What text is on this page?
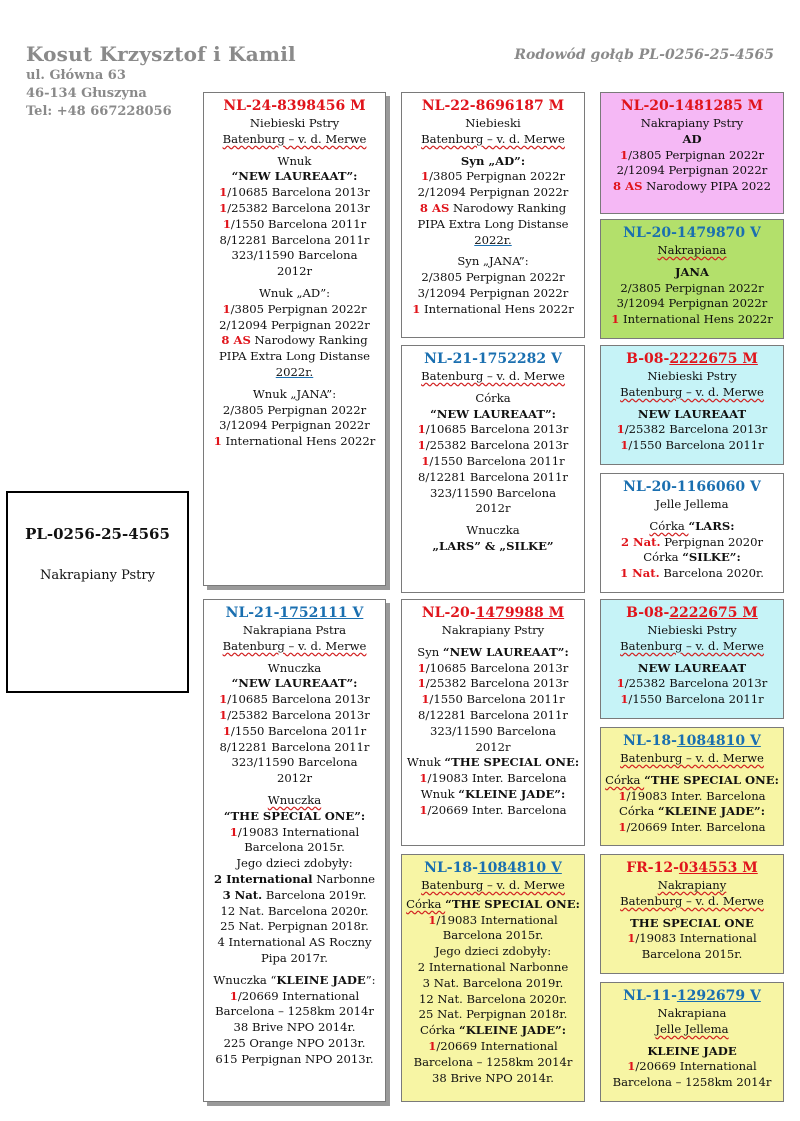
Kosut Krzysztof i Kamil
ul. Główna 63
46-134 Głuszyna
Tel: +48 667228056
Rodowód gołąb PL-0256-25-4565
PL-0256-25-4565
Nakrapiany Pstry
NL-24-8398456 M
Niebieski Pstry
Batenburg – v. d. Merwe
Wnuk
“NEW LAUREAAT”:
1/10685 Barcelona 2013r
1/25382 Barcelona 2013r
1/1550 Barcelona 2011r
8/12281 Barcelona 2011r
323/11590 Barcelona
2012r
Wnuk „AD”:
1/3805 Perpignan 2022r
2/12094 Perpignan 2022r
8 AS Narodowy Ranking
PIPA Extra Long Distanse
2022r.
Wnuk „JANA”:
2/3805 Perpignan 2022r
3/12094 Perpignan 2022r
1 International Hens 2022r
NL-21-1752111 V
Nakrapiana Pstra
Batenburg – v. d. Merwe
Wnuczka
“NEW LAUREAAT”:
1/10685 Barcelona 2013r
1/25382 Barcelona 2013r
1/1550 Barcelona 2011r
8/12281 Barcelona 2011r
323/11590 Barcelona
2012r
Wnuczka
“THE SPECIAL ONE”:
1/19083 International
Barcelona 2015r.
Jego dzieci zdobyły:
2 International Narbonne
3 Nat. Barcelona 2019r.
12 Nat. Barcelona 2020r.
25 Nat. Perpignan 2018r.
4 International AS Roczny
Pipa 2017r.
Wnuczka “KLEINE JADE”:
1/20669 International
Barcelona – 1258km 2014r
38 Brive NPO 2014r.
225 Orange NPO 2013r.
615 Perpignan NPO 2013r.
NL-22-8696187 M
Niebieski
Batenburg – v. d. Merwe
Syn „AD”:
1/3805 Perpignan 2022r
2/12094 Perpignan 2022r
8 AS Narodowy Ranking
PIPA Extra Long Distanse
2022r.
Syn „JANA”:
2/3805 Perpignan 2022r
3/12094 Perpignan 2022r
1 International Hens 2022r
NL-21-1752282 V
Batenburg – v. d. Merwe
Córka
“NEW LAUREAAT”:
1/10685 Barcelona 2013r
1/25382 Barcelona 2013r
1/1550 Barcelona 2011r
8/12281 Barcelona 2011r
323/11590 Barcelona
2012r
Wnuczka
„LARS” & „SILKE”
NL-20-1479988 M
Nakrapiany Pstry
Syn “NEW LAUREAAT”:
1/10685 Barcelona 2013r
1/25382 Barcelona 2013r
1/1550 Barcelona 2011r
8/12281 Barcelona 2011r
323/11590 Barcelona
2012r
Wnuk “THE SPECIAL ONE:
1/19083 Inter. Barcelona
Wnuk “KLEINE JADE”:
1/20669 Inter. Barcelona
NL-18-1084810 V
Batenburg – v. d. Merwe
Córka “THE SPECIAL ONE:
1/19083 International
Barcelona 2015r.
Jego dzieci zdobyły:
2 International Narbonne
3 Nat. Barcelona 2019r.
12 Nat. Barcelona 2020r.
25 Nat. Perpignan 2018r.
Córka “KLEINE JADE”:
1/20669 International
Barcelona – 1258km 2014r
38 Brive NPO 2014r.
NL-20-1481285 M
Nakrapiany Pstry
AD
1/3805 Perpignan 2022r
2/12094 Perpignan 2022r
8 AS Narodowy PIPA 2022
NL-20-1479870 V
Nakrapiana
JANA
2/3805 Perpignan 2022r
3/12094 Perpignan 2022r
1 International Hens 2022r
B-08-2222675 M
Niebieski Pstry
Batenburg – v. d. Merwe
NEW LAUREAAT
1/25382 Barcelona 2013r
1/1550 Barcelona 2011r
NL-20-1166060 V
Jelle Jellema
Córka “LARS:
2 Nat. Perpignan 2020r
Córka “SILKE”:
1 Nat. Barcelona 2020r.
B-08-2222675 M
Niebieski Pstry
Batenburg – v. d. Merwe
NEW LAUREAAT
1/25382 Barcelona 2013r
1/1550 Barcelona 2011r
NL-18-1084810 V
Batenburg – v. d. Merwe
Córka “THE SPECIAL ONE:
1/19083 Inter. Barcelona
Córka “KLEINE JADE”:
1/20669 Inter. Barcelona
FR-12-034553 M
Nakrapiany
Batenburg – v. d. Merwe
THE SPECIAL ONE
1/19083 International
Barcelona 2015r.
NL-11-1292679 V
Nakrapiana
Jelle Jellema
KLEINE JADE
1/20669 International
Barcelona – 1258km 2014r
